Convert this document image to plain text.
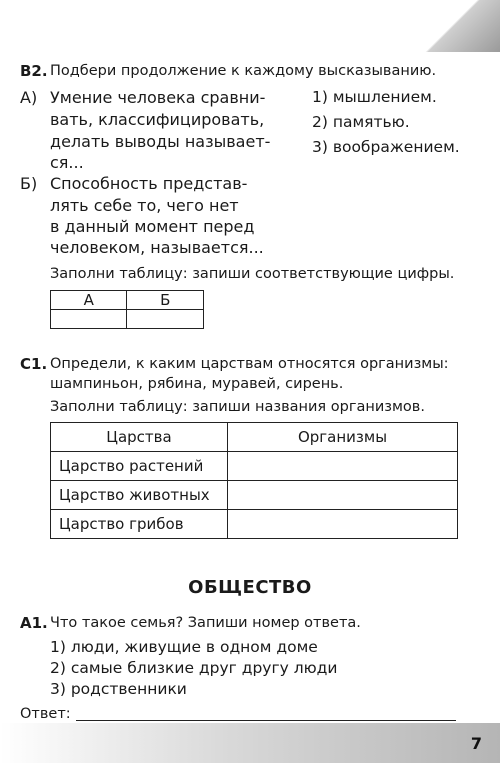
B2. Подбери продолжение к каждому высказыванию.
А) Умение человека сравни-
вать, классифицировать,
делать выводы называет-
ся...
Б) Способность представ-
лять себе то, чего нет
в данный момент перед
человеком, называется...
1) мышлением.
2) памятью.
3) воображением.
Заполни таблицу: запиши соответствующие цифры.
А	Б

С1. Определи, к каким царствам относятся организмы:
шампиньон, рябина, муравей, сирень.
Заполни таблицу: запиши названия организмов.
Царства	Организмы
Царство растений	
Царство животных	
Царство грибов	
ОБЩЕСТВО
А1. Что такое семья? Запиши номер ответа.
1) люди, живущие в одном доме
2) самые близкие друг другу люди
3) родственники
Ответ:
7
